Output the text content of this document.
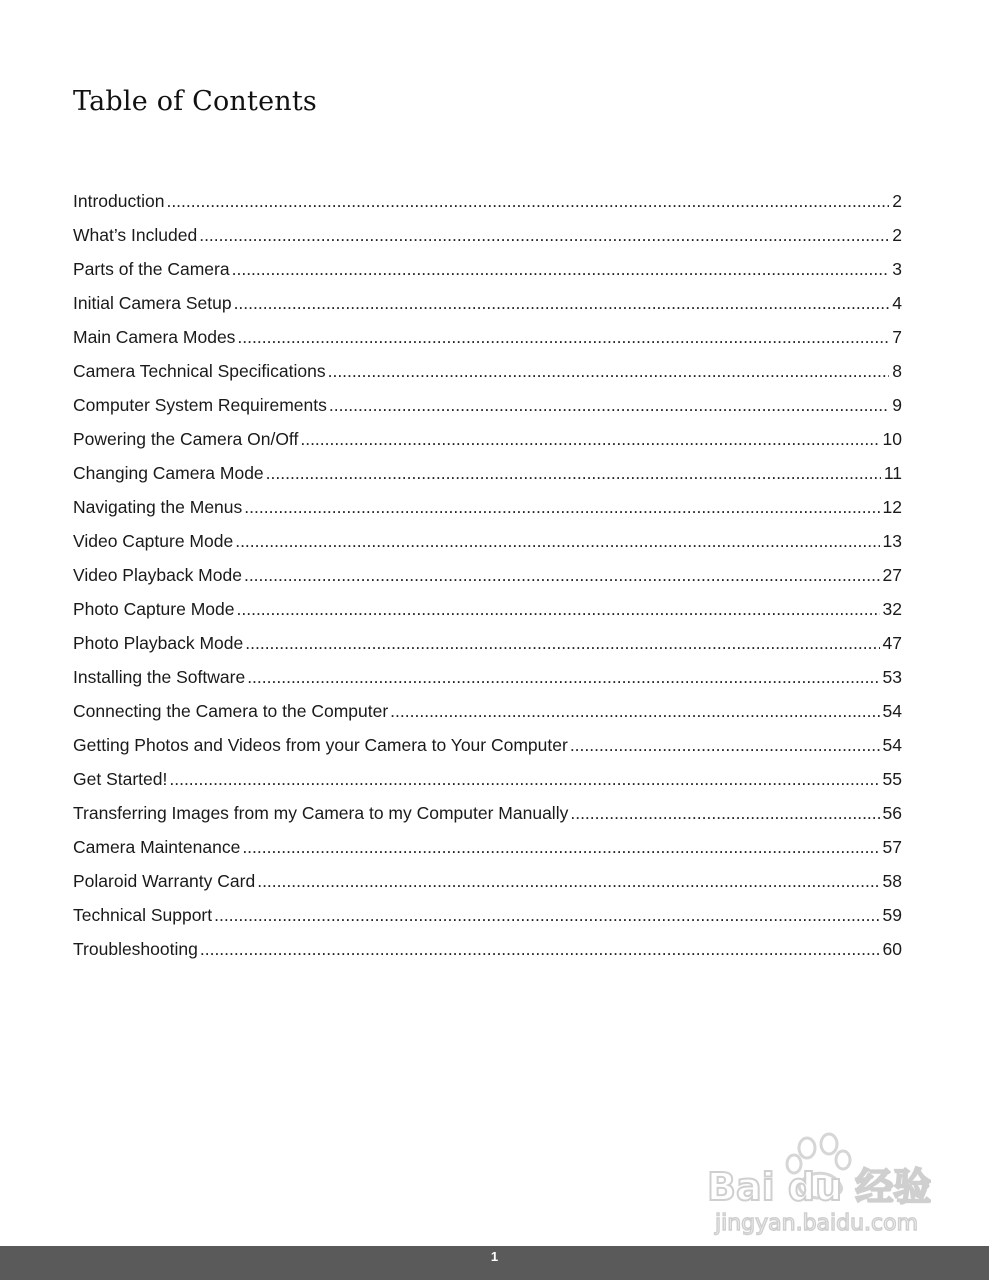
Table of Contents
Introduction .....	2
What’s Included .....	2
Parts of the Camera .....	3
Initial Camera Setup .....	4
Main Camera Modes .....	7
Camera Technical Specifications .....	8
Computer System Requirements .....	9
Powering the Camera On/Off .....	10
Changing Camera Mode .....	11
Navigating the Menus .....	12
Video Capture Mode .....	13
Video Playback Mode .....	27
Photo Capture Mode .....	32
Photo Playback Mode .....	47
Installing the Software .....	53
Connecting the Camera to the Computer .....	54
Getting Photos and Videos from your Camera to Your Computer .....	54
Get Started! .....	55
Transferring Images from my Camera to my Computer Manually .....	56
Camera Maintenance .....	57
Polaroid Warranty Card .....	58
Technical Support .....	59
Troubleshooting .....	60
Bai du 经验
jingyan.baidu.com
1
